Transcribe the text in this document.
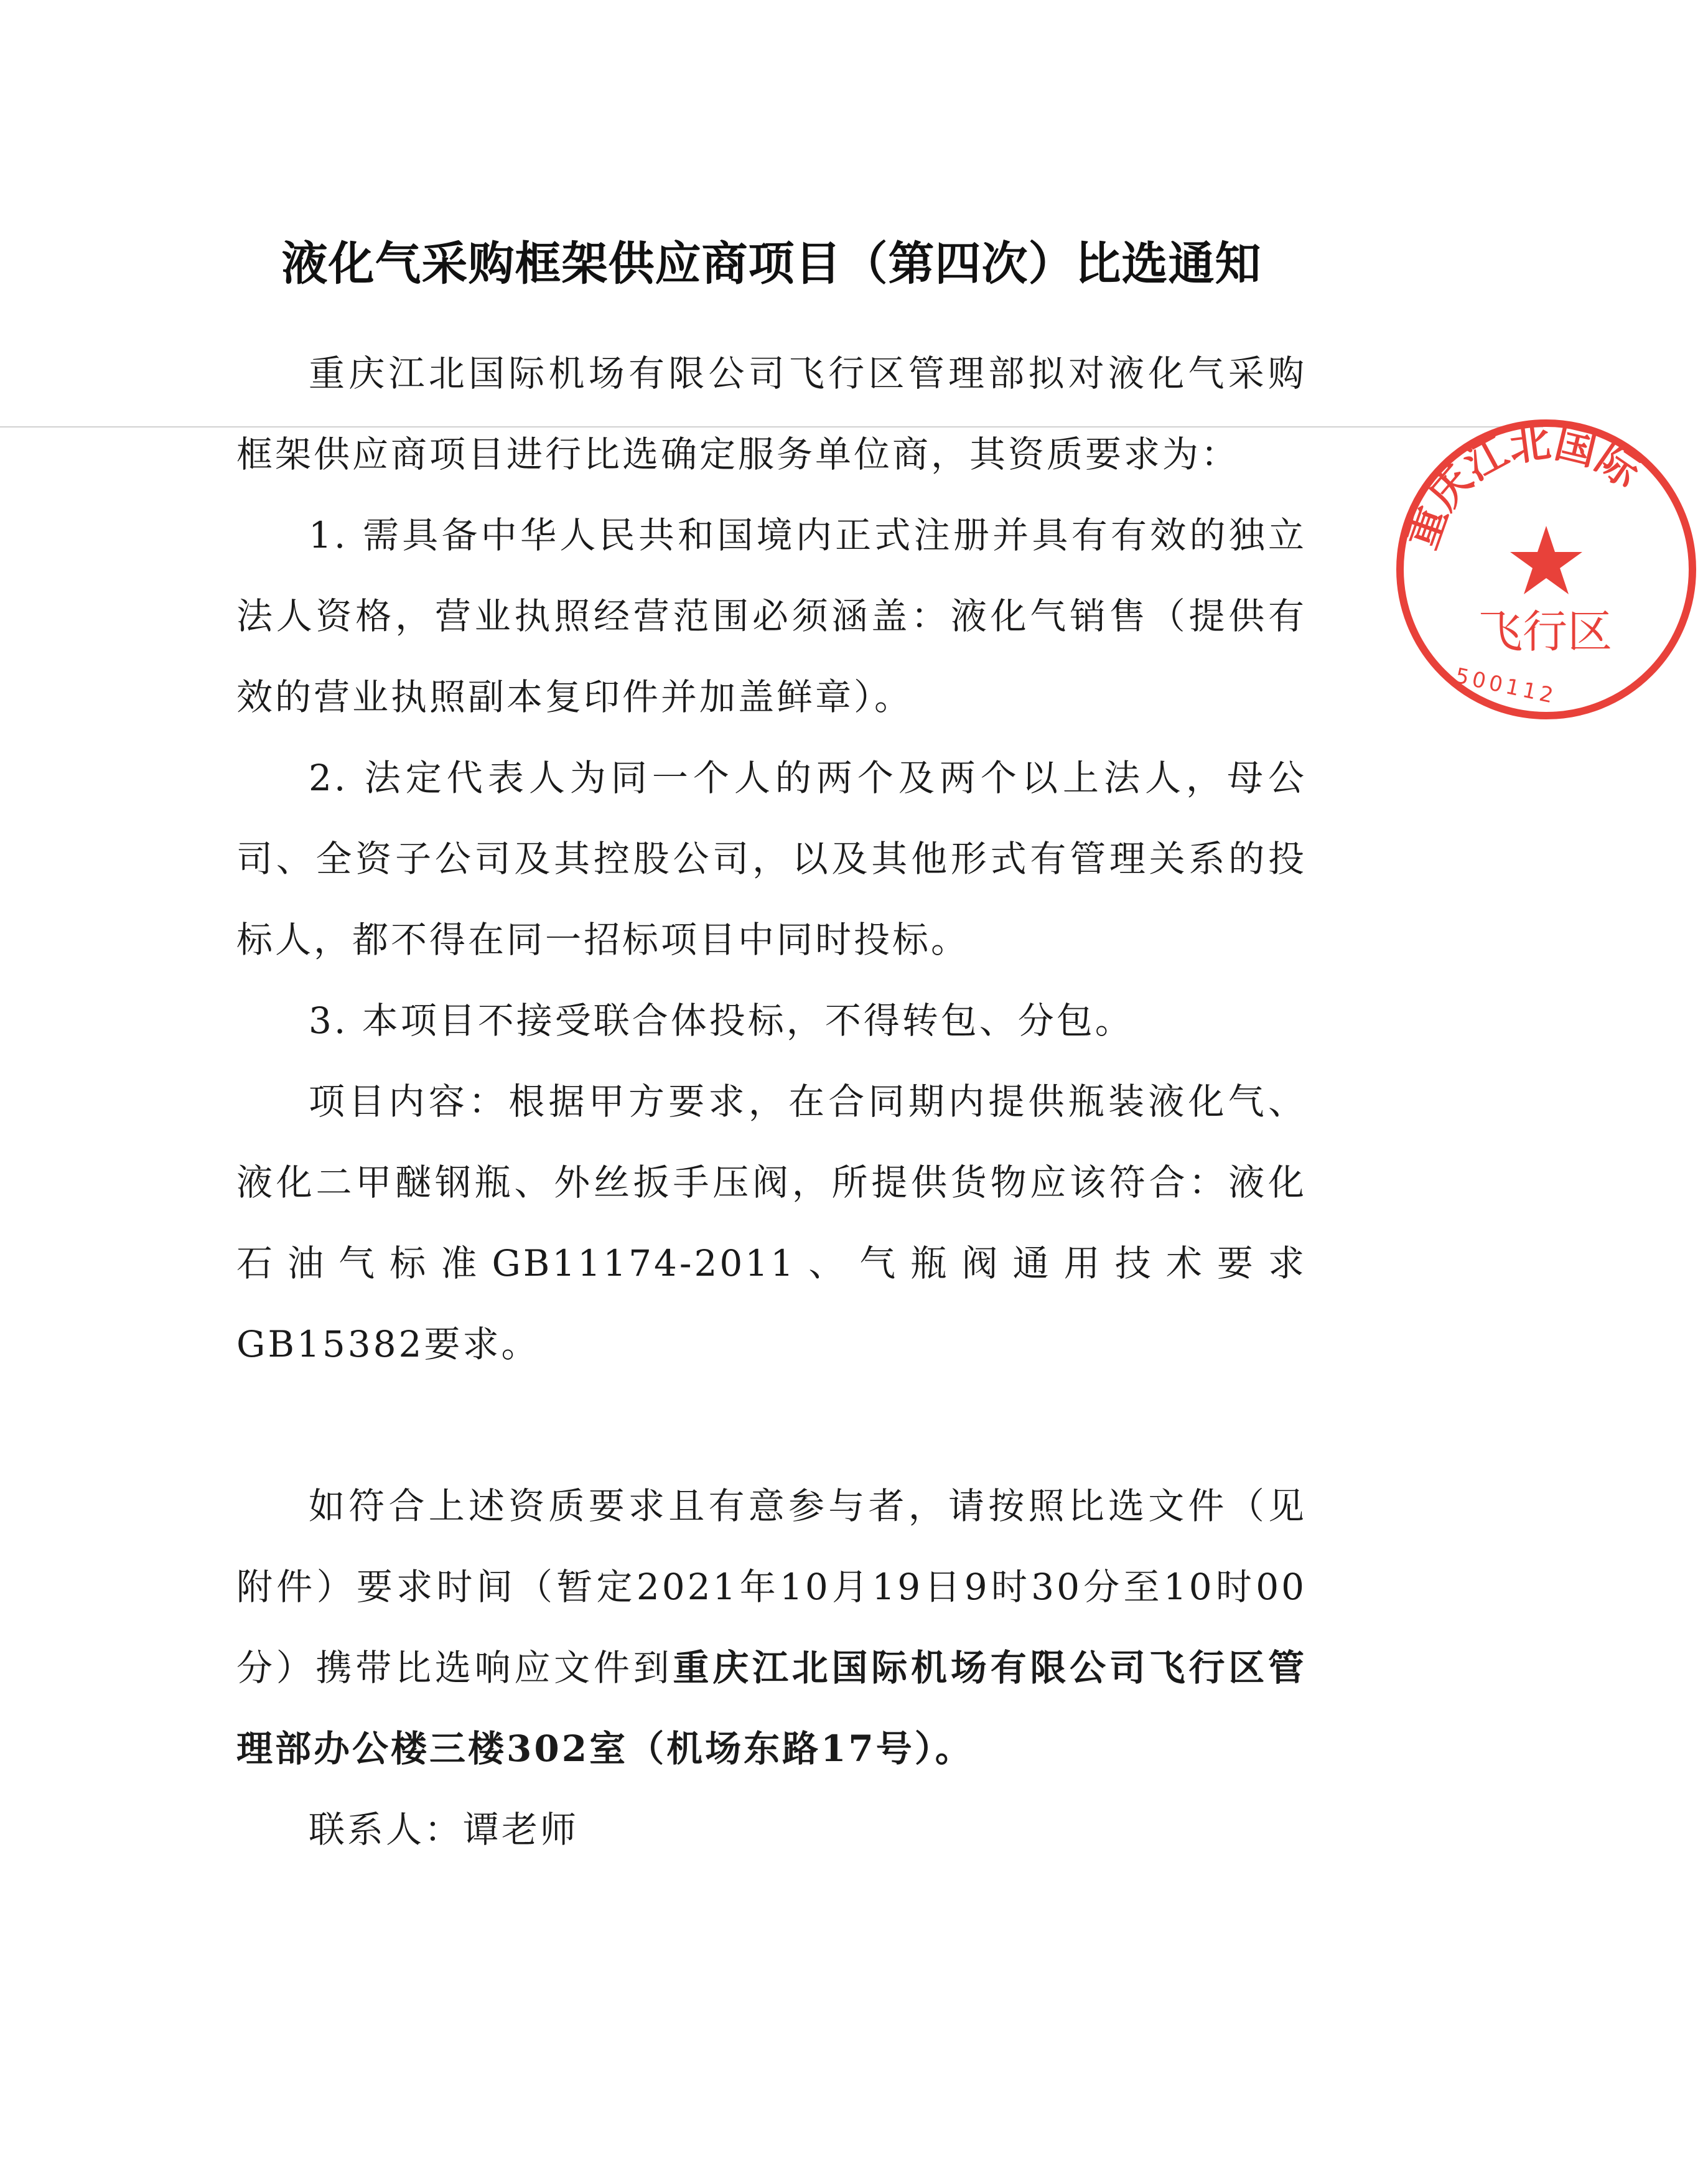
液化气采购框架供应商项目（第四次）比选通知

重庆江北国际机场有限公司飞行区管理部拟对液化气采购框架供应商项目进行比选确定服务单位商，其资质要求为：

1. 需具备中华人民共和国境内正式注册并具有有效的独立法人资格，营业执照经营范围必须涵盖：液化气销售（提供有效的营业执照副本复印件并加盖鲜章）。

2. 法定代表人为同一个人的两个及两个以上法人，母公司、全资子公司及其控股公司，以及其他形式有管理关系的投标人，都不得在同一招标项目中同时投标。

3. 本项目不接受联合体投标，不得转包、分包。

项目内容：根据甲方要求，在合同期内提供瓶装液化气、液化二甲醚钢瓶、外丝扳手压阀，所提供货物应该符合：液化石油气标准GB11174-2011、气瓶阀通用技术要求GB15382要求。

如符合上述资质要求且有意参与者，请按照比选文件（见附件）要求时间（暂定2021年10月19日9时30分至10时00分）携带比选响应文件到重庆江北国际机场有限公司飞行区管理部办公楼三楼302室（机场东路17号）。

联系人：谭老师

重庆江北国际
飞行区
500112
